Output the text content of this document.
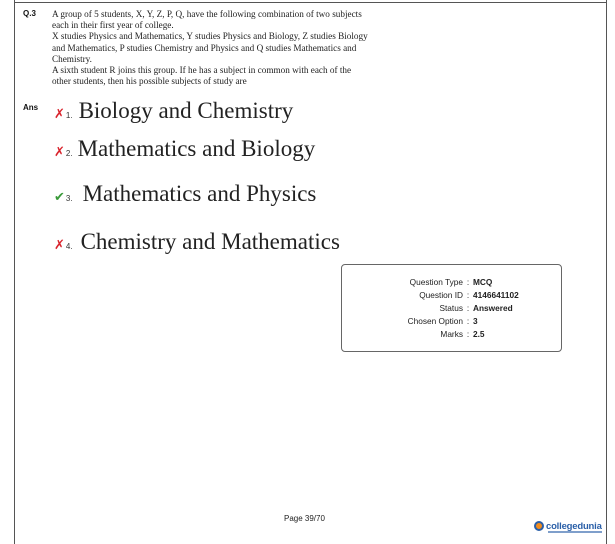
Q.3 A group of 5 students, X, Y, Z, P, Q, have the following combination of two subjects

each in their first year of college.

X studies Physics and Mathematics, Y studies Physics and Biology, Z studies Biology

and Mathematics, P studies Chemistry and Physics and Q studies Mathematics and

Chemistry.

A sixth student R joins this group. If he has a subject in common with each of the

other students, then his possible subjects of study are

Ans ✗ 1. Biology and Chemistry
✗ 2. Mathematics and Biology
✔ 3. Mathematics and Physics
✗ 4. Chemistry and Mathematics
Question Type : MCQ
Question ID : 4146641102
Status : Answered
Chosen Option : 3
Marks : 2.5
Page 39/70
collegedunia
